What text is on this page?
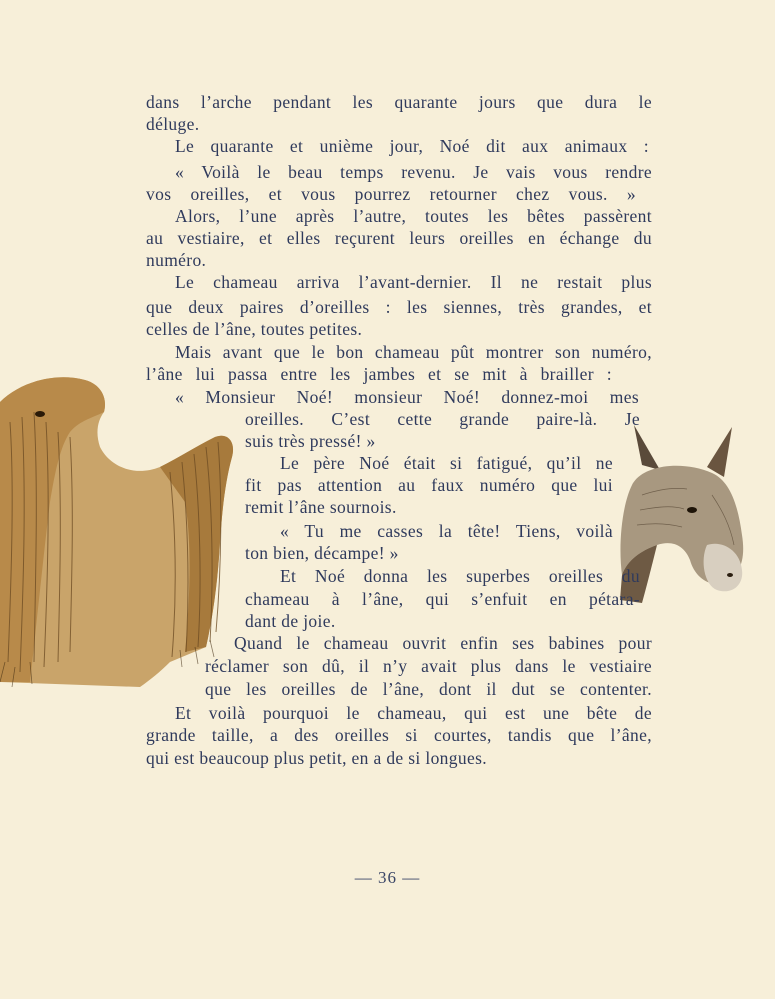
dans l’arche pendant les quarante jours que dura le
déluge.
Le quarante et unième jour, Noé dit aux animaux :
« Voilà le beau temps revenu. Je vais vous rendre
vos oreilles, et vous pourrez retourner chez vous. »
Alors, l’une après l’autre, toutes les bêtes passèrent
au vestiaire, et elles reçurent leurs oreilles en échange du
numéro.
Le chameau arriva l’avant-dernier. Il ne restait plus
que deux paires d’oreilles : les siennes, très grandes, et
celles de l’âne, toutes petites.
Mais avant que le bon chameau pût montrer son numéro,
l’âne lui passa entre les jambes et se mit à brailler :
« Monsieur Noé! monsieur Noé! donnez-moi mes
oreilles. C’est cette grande paire-là. Je
suis très pressé! »
Le père Noé était si fatigué, qu’il ne
fit pas attention au faux numéro que lui
remit l’âne sournois.
« Tu me casses la tête! Tiens, voilà
ton bien, décampe! »
Et Noé donna les superbes oreilles du
chameau à l’âne, qui s’enfuit en pétara-
dant de joie.
Quand le chameau ouvrit enfin ses babines pour
réclamer son dû, il n’y avait plus dans le vestiaire
que les oreilles de l’âne, dont il dut se contenter.
Et voilà pourquoi le chameau, qui est une bête de
grande taille, a des oreilles si courtes, tandis que l’âne,
qui est beaucoup plus petit, en a de si longues.
— 36 —
